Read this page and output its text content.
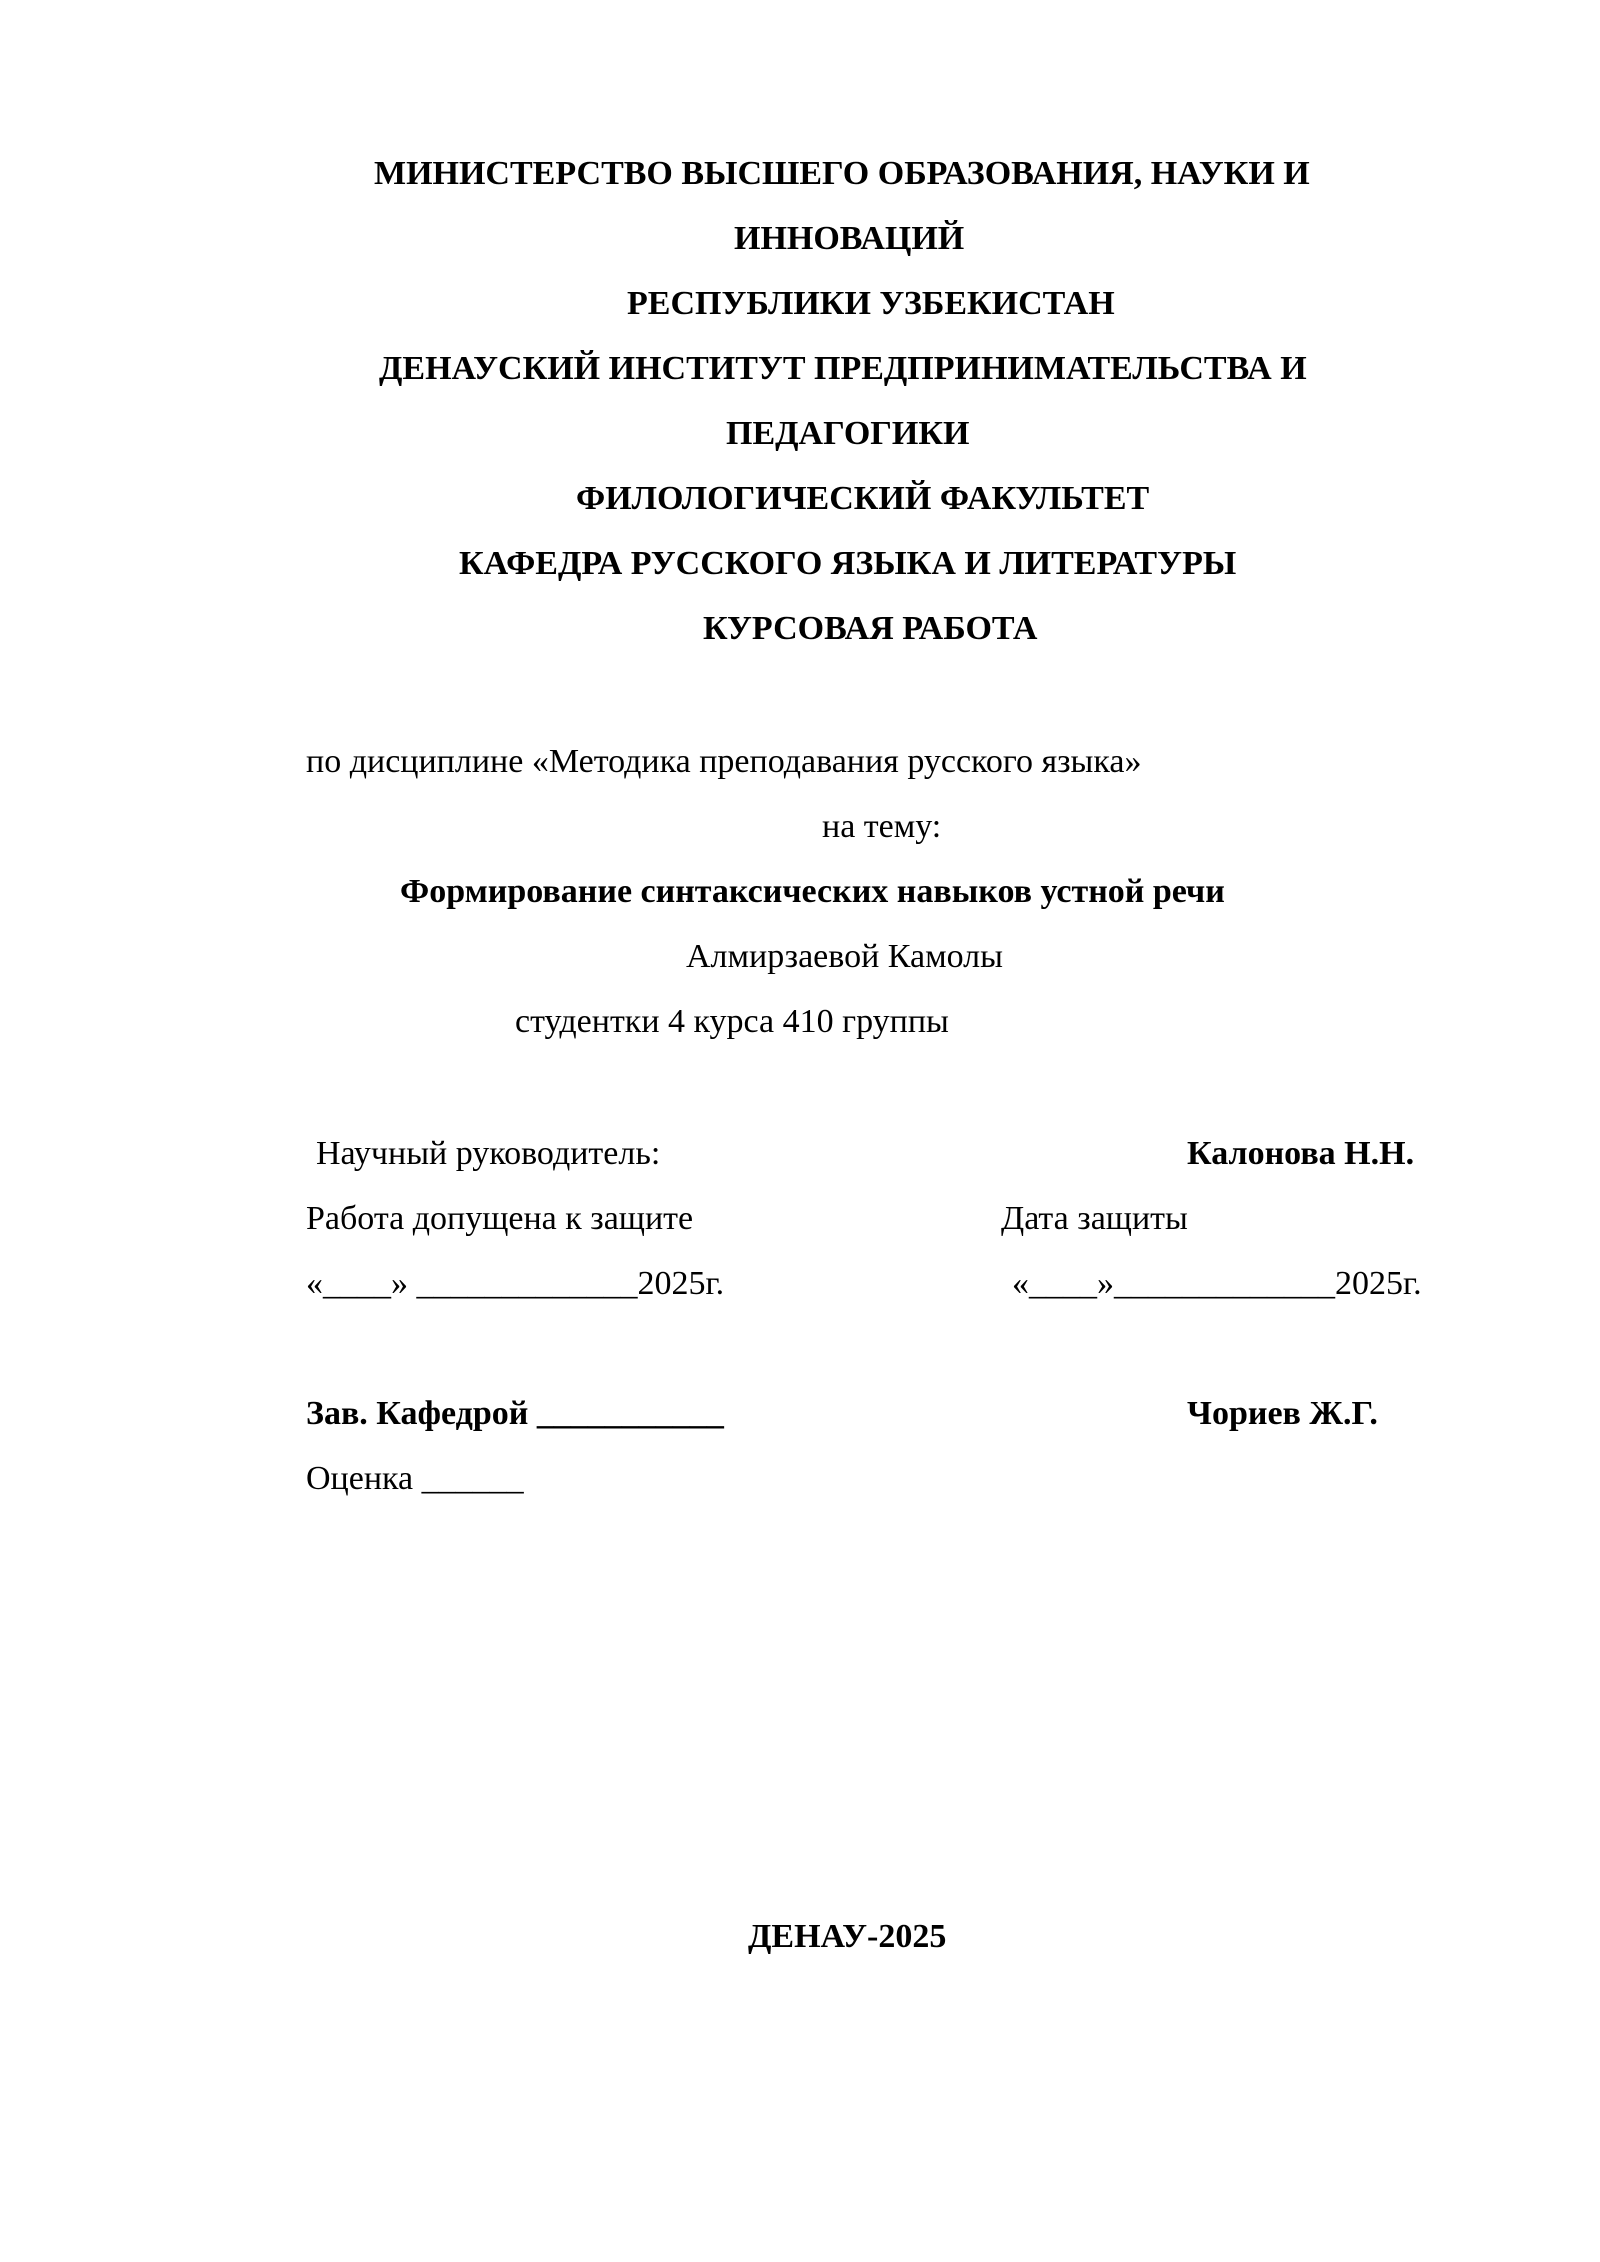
МИНИСТЕРСТВО ВЫСШЕГО ОБРАЗОВАНИЯ, НАУКИ И
ИННОВАЦИЙ
РЕСПУБЛИКИ УЗБЕКИСТАН
ДЕНАУСКИЙ ИНСТИТУТ ПРЕДПРИНИМАТЕЛЬСТВА И
ПЕДАГОГИКИ
ФИЛОЛОГИЧЕСКИЙ ФАКУЛЬТЕТ
КАФЕДРА РУССКОГО ЯЗЫКА И ЛИТЕРАТУРЫ
КУРСОВАЯ РАБОТА
по дисциплине «Методика преподавания русского языка»
на тему:
Формирование синтаксических навыков устной речи
Алмирзаевой Камолы
студентки 4 курса 410 группы
Научный руководитель:	Калонова Н.Н.
Работа допущена к защите	Дата защиты
«____» _____________2025г.	«____»_____________2025г.
Зав. Кафедрой ___________	Чориев Ж.Г.
Оценка ______
ДЕНАУ-2025
